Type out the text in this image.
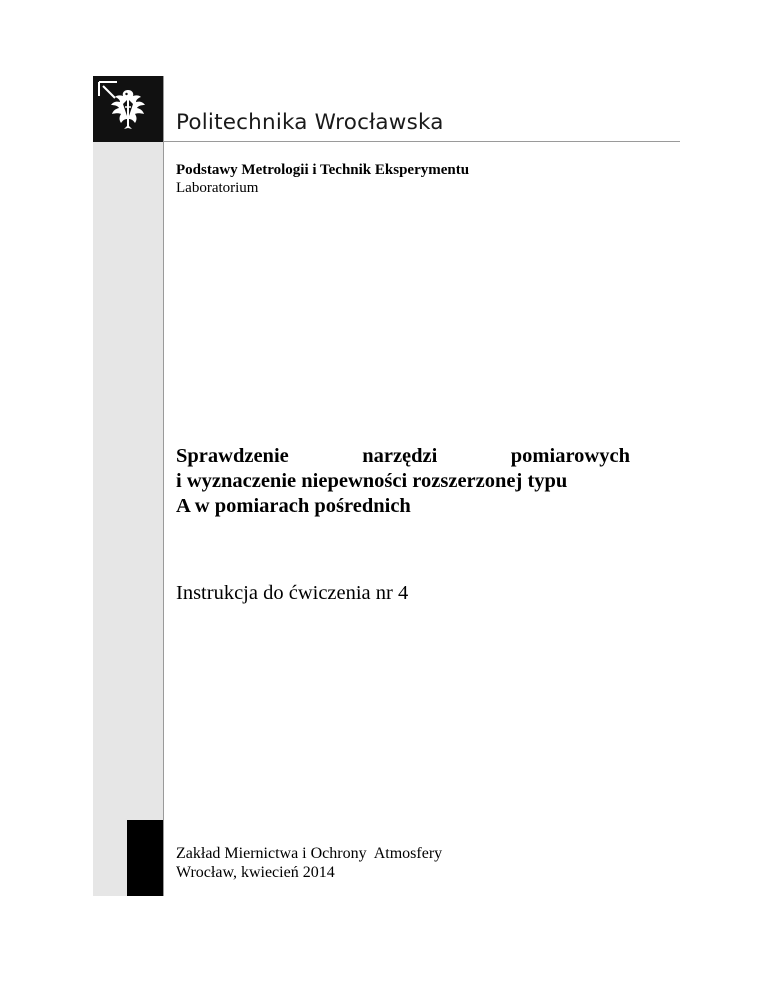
Politechnika Wrocławska
Podstawy Metrologii i Technik Eksperymentu
Laboratorium
Sprawdzenie	narzędzi	pomiarowych
i wyznaczenie niepewności rozszerzonej typu
A w pomiarach pośrednich
Instrukcja do ćwiczenia nr 4
Zakład Miernictwa i Ochrony  Atmosfery
Wrocław, kwiecień 2014
